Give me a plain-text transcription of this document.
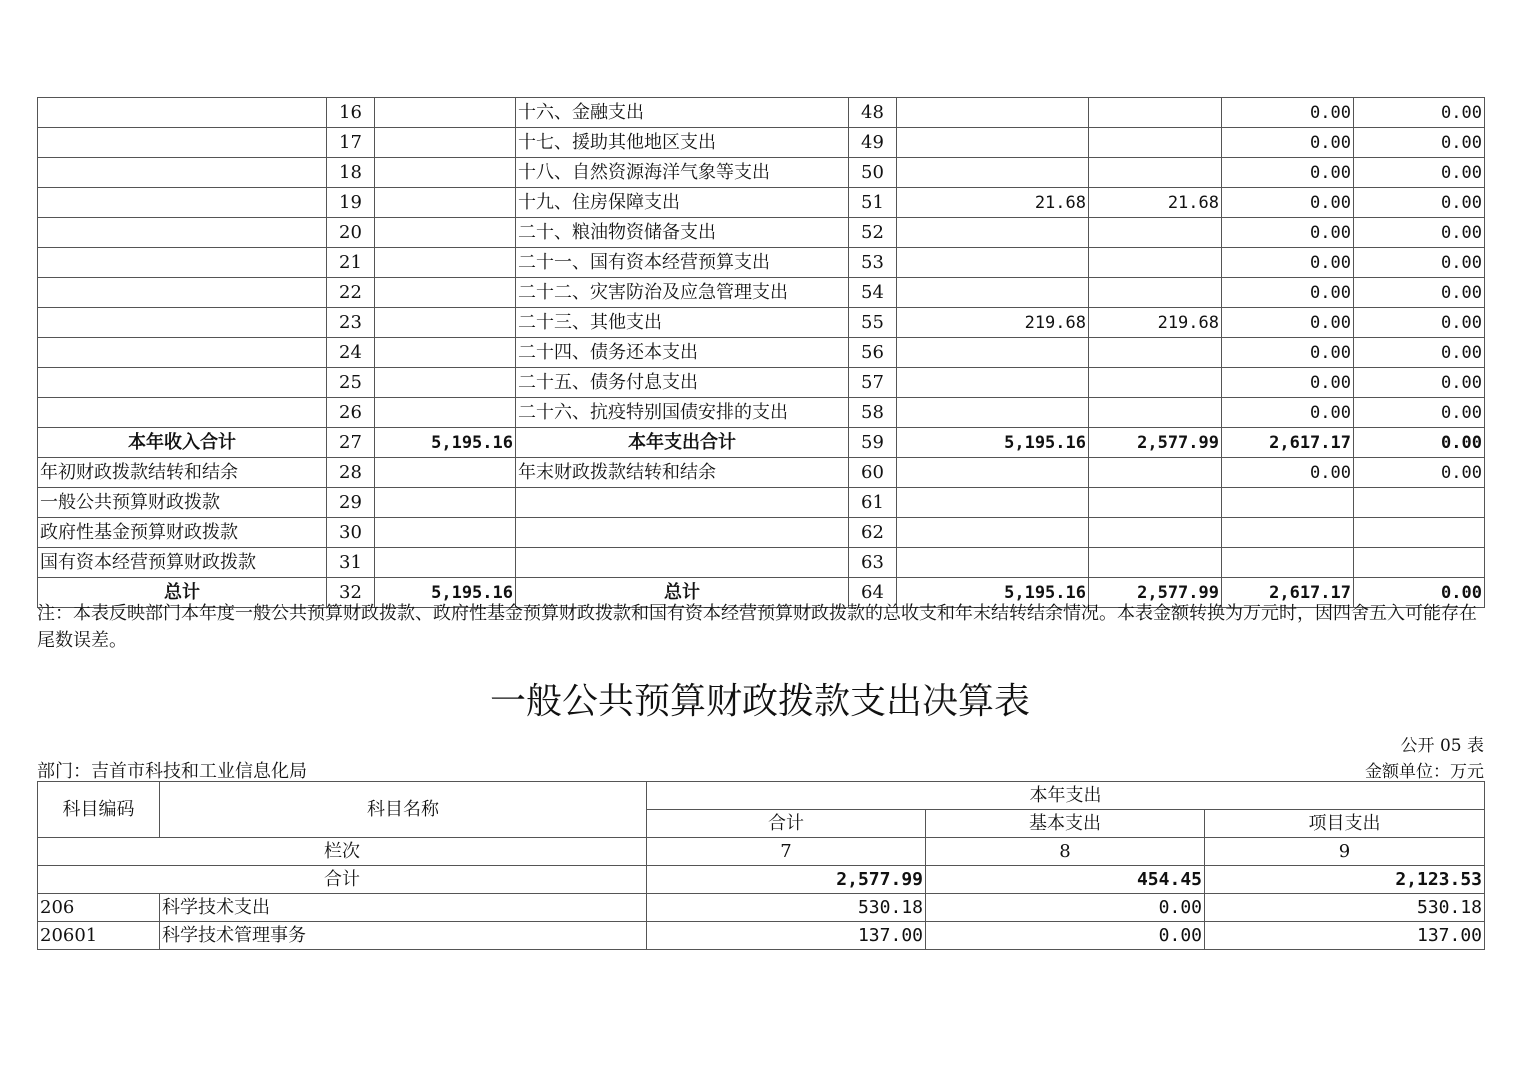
	16		十六、金融支出	48			0.00	0.00
	17		十七、援助其他地区支出	49			0.00	0.00
	18		十八、自然资源海洋气象等支出	50			0.00	0.00
	19		十九、住房保障支出	51	21.68	21.68	0.00	0.00
	20		二十、粮油物资储备支出	52			0.00	0.00
	21		二十一、国有资本经营预算支出	53			0.00	0.00
	22		二十二、灾害防治及应急管理支出	54			0.00	0.00
	23		二十三、其他支出	55	219.68	219.68	0.00	0.00
	24		二十四、债务还本支出	56			0.00	0.00
	25		二十五、债务付息支出	57			0.00	0.00
	26		二十六、抗疫特别国债安排的支出	58			0.00	0.00
本年收入合计	27	5,195.16	本年支出合计	59	5,195.16	2,577.99	2,617.17	0.00
年初财政拨款结转和结余	28		年末财政拨款结转和结余	60			0.00	0.00
一般公共预算财政拨款	29			61				
政府性基金预算财政拨款	30			62				
国有资本经营预算财政拨款	31			63				
总计	32	5,195.16	总计	64	5,195.16	2,577.99	2,617.17	0.00
注：本表反映部门本年度一般公共预算财政拨款、政府性基金预算财政拨款和国有资本经营预算财政拨款的总收支和年末结转结余情况。本表金额转换为万元时，因四舍五入可能存在尾数误差。
一般公共预算财政拨款支出决算表
公开 05 表
部门：吉首市科技和工业信息化局	金额单位：万元
科目编码	科目名称	本年支出		
		合计	基本支出	项目支出
栏次		7	8	9
合计		2,577.99	454.45	2,123.53
206	科学技术支出	530.18	0.00	530.18
20601	科学技术管理事务	137.00	0.00	137.00
